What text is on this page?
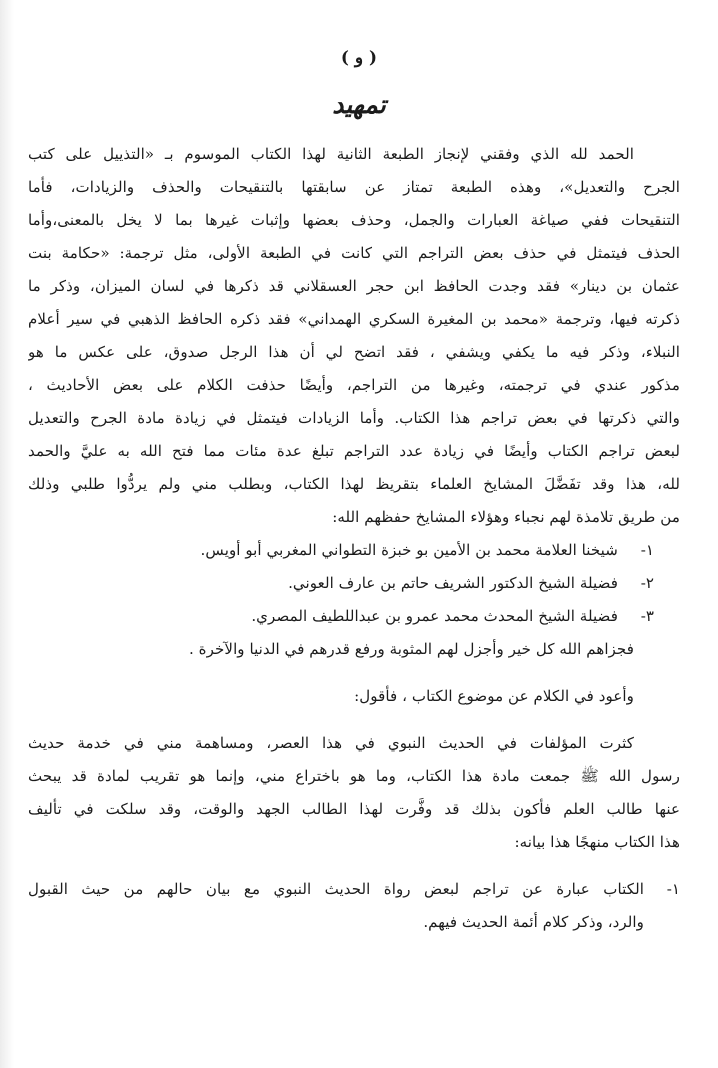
( و )
تمهيد
الحمد لله الذي وفقني لإنجاز الطبعة الثانية لهذا الكتاب الموسوم بـ «التذييل على كتب
الجرح والتعديل»، وهذه الطبعة تمتاز عن سابقتها بالتنقيحات والحذف والزيادات، فأما
التنقيحات ففي صياغة العبارات والجمل، وحذف بعضها وإثبات غيرها بما لا يخل بالمعنى،وأما
الحذف فيتمثل في حذف بعض التراجم التي كانت في الطبعة الأولى، مثل ترجمة: «حكامة بنت
عثمان بن دينار» فقد وجدت الحافظ ابن حجر العسقلاني قد ذكرها في لسان الميزان، وذكر ما
ذكرته فيها، وترجمة «محمد بن المغيرة السكري الهمداني» فقد ذكره الحافظ الذهبي في سير أعلام
النبلاء، وذكر فيه ما يكفي ويشفي ، فقد اتضح لي أن هذا الرجل صدوق، على عكس ما هو
مذكور عندي في ترجمته، وغيرها من التراجم، وأيضًا حذفت الكلام على بعض الأحاديث ،
والتي ذكرتها في بعض تراجم هذا الكتاب. وأما الزيادات فيتمثل في زيادة مادة الجرح والتعديل
لبعض تراجم الكتاب وأيضًا في زيادة عدد التراجم تبلغ عدة مئات مما فتح الله به عليَّ والحمد
لله، هذا وقد تفَضَّلَ المشايخ العلماء بتقريظ لهذا الكتاب، وبطلب مني ولم يردُّوا طلبي وذلك
من طريق تلامذة لهم نجباء وهؤلاء المشايخ حفظهم الله:
١-شيخنا العلامة محمد بن الأمين بو خبزة التطواني المغربي أبو أويس.
٢-فضيلة الشيخ الدكتور الشريف حاتم بن عارف العوني.
٣-فضيلة الشيخ المحدث محمد عمرو بن عبداللطيف المصري.
فجزاهم الله كل خير وأجزل لهم المثوبة ورفع قدرهم في الدنيا والآخرة .
وأعود في الكلام عن موضوع الكتاب ، فأقول:
كثرت المؤلفات في الحديث النبوي في هذا العصر، ومساهمة مني في خدمة حديث
رسول الله ﷺ جمعت مادة هذا الكتاب، وما هو باختراع مني، وإنما هو تقريب لمادة قد يبحث
عنها طالب العلم فأكون بذلك قد وفَّرت لهذا الطالب الجهد والوقت، وقد سلكت في تأليف
هذا الكتاب منهجًا هذا بيانه:
١-الكتاب عبارة عن تراجم لبعض رواة الحديث النبوي مع بيان حالهم من حيث القبول
والرد، وذكر كلام أئمة الحديث فيهم.
